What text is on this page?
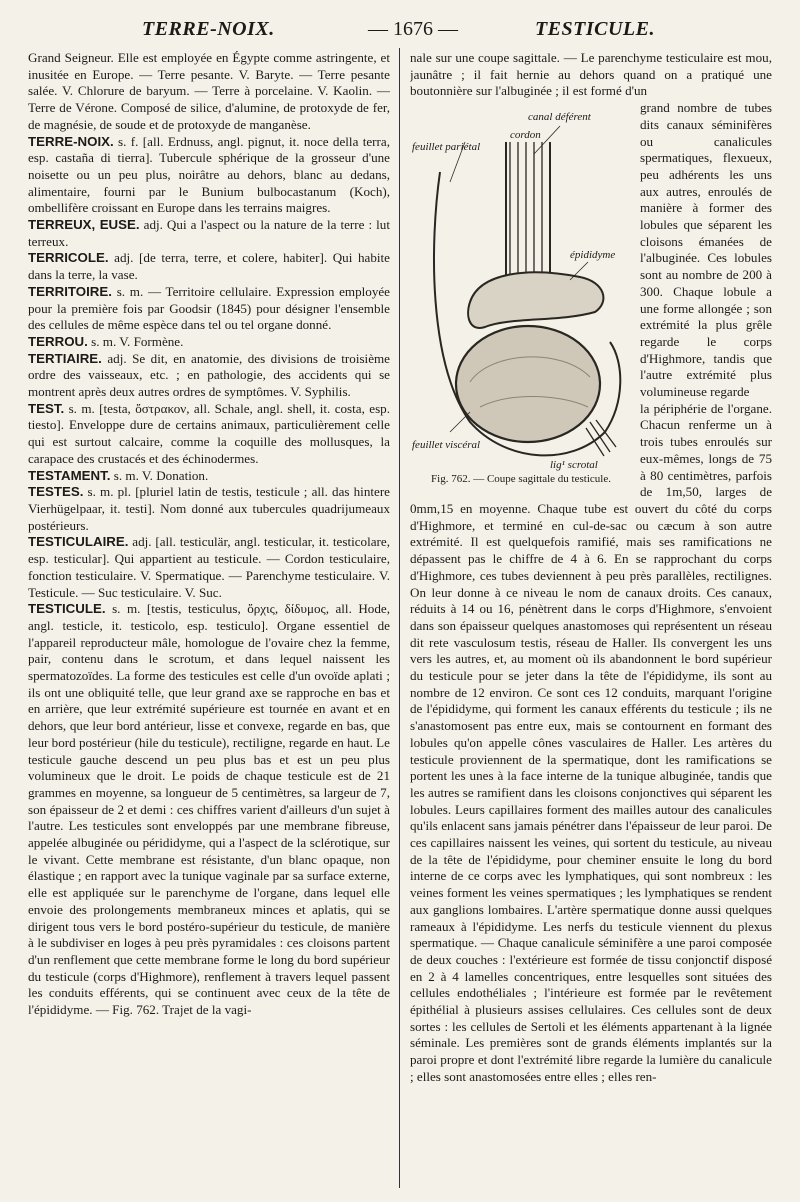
TERRE-NOIX.	— 1676 —	TESTICULE.

Grand Seigneur. Elle est employée en Égypte comme astringente, et inusitée en Europe. — Terre pesante. V. Baryte. — Terre pesante salée. V. Chlorure de baryum. — Terre à porcelaine. V. Kaolin. — Terre de Vérone. Composé de silice, d'alumine, de protoxyde de fer, de magnésie, de soude et de protoxyde de manganèse.

TERRE-NOIX. s. f. [all. Erdnuss, angl. pignut, it. noce della terra, esp. castaña di tierra]. Tubercule sphérique de la grosseur d'une noisette ou un peu plus, noirâtre au dehors, blanc au dedans, alimentaire, fourni par le Bunium bulbocastanum (Koch), ombellifère croissant en Europe dans les terrains maigres.

TERREUX, EUSE. adj. Qui a l'aspect ou la nature de la terre : lut terreux.

TERRICOLE. adj. [de terra, terre, et colere, habiter]. Qui habite dans la terre, la vase.

TERRITOIRE. s. m. — Territoire cellulaire. Expression employée pour la première fois par Goodsir (1845) pour désigner l'ensemble des cellules de même espèce dans tel ou tel organe donné.

TERROU. s. m. V. Formène.

TERTIAIRE. adj. Se dit, en anatomie, des divisions de troisième ordre des vaisseaux, etc. ; en pathologie, des accidents qui se montrent après deux autres ordres de symptômes. V. Syphilis.

TEST. s. m. [testa, ὄστρακον, all. Schale, angl. shell, it. costa, esp. tiesto]. Enveloppe dure de certains animaux, particulièrement celle qui est surtout calcaire, comme la coquille des mollusques, la carapace des crustacés et des échinodermes.

TESTAMENT. s. m. V. Donation.

TESTES. s. m. pl. [pluriel latin de testis, testicule ; all. das hintere Vierhügelpaar, it. testi]. Nom donné aux tubercules quadrijumeaux postérieurs.

TESTICULAIRE. adj. [all. testiculär, angl. testicular, it. testicolare, esp. testicular]. Qui appartient au testicule. — Cordon testiculaire, fonction testiculaire. V. Spermatique. — Parenchyme testiculaire. V. Testicule. — Suc testiculaire. V. Suc.

TESTICULE. s. m. [testis, testiculus, ὄρχις, δίδυμος, all. Hode, angl. testicle, it. testicolo, esp. testiculo]. Organe essentiel de l'appareil reproducteur mâle, homologue de l'ovaire chez la femme, pair, contenu dans le scrotum, et dans lequel naissent les spermatozoïdes. La forme des testicules est celle d'un ovoïde aplati ; ils ont une obliquité telle, que leur grand axe se rapproche en bas et en arrière, que leur extrémité supérieure est tournée en avant et en dehors, que leur bord antérieur, lisse et convexe, regarde en bas, que leur bord postérieur (hile du testicule), rectiligne, regarde en haut. Le testicule gauche descend un peu plus bas et est un peu plus volumineux que le droit. Le poids de chaque testicule est de 21 grammes en moyenne, sa longueur de 5 centimètres, sa largeur de 7, son épaisseur de 2 et demi : ces chiffres varient d'ailleurs d'un sujet à l'autre. Les testicules sont enveloppés par une membrane fibreuse, appelée albuginée ou pérididyme, qui a l'aspect de la sclérotique, sur le vivant. Cette membrane est résistante, d'un blanc opaque, non élastique ; en rapport avec la tunique vaginale par sa surface externe, elle est appliquée sur le parenchyme de l'organe, dans lequel elle envoie des prolongements membraneux minces et aplatis, qui se dirigent tous vers le bord postéro-supérieur du testicule, de manière à le subdiviser en loges à peu près pyramidales : ces cloisons partent d'un renflement que cette membrane forme le long du bord supérieur du testicule (corps d'Highmore), renflement à travers lequel passent les conduits efférents, qui se continuent avec ceux de la tête de l'épididyme. — Fig. 762. Trajet de la vagi-

nale sur une coupe sagittale. — Le parenchyme testiculaire est mou, jaunâtre ; il fait hernie au dehors quand on a pratiqué une boutonnière sur l'albuginée ; il est formé d'un

canal déférent
cordon
feuillet pariétal
épididyme
feuillet viscéral
lig¹ scrotal
Fig. 762. — Coupe sagittale du testicule.

grand nombre de tubes dits canaux séminifères ou canalicules spermatiques, flexueux, peu adhérents les uns aux autres, enroulés de manière à former des lobules que séparent les cloisons émanées de l'albuginée. Ces lobules sont au nombre de 200 à 300. Chaque lobule a une forme allongée ; son extrémité la plus grêle regarde le corps d'Highmore, tandis que l'autre extrémité plus volumineuse regarde

la périphérie de l'organe. Chacun renferme un à trois tubes enroulés sur eux-mêmes, longs de 75 à 80 centimètres, parfois de 1m,50, larges de 0mm,15 en moyenne. Chaque tube est ouvert du côté du corps d'Highmore, et terminé en cul-de-sac ou cæcum à son autre extrémité. Il est quelquefois ramifié, mais ses ramifications ne dépassent pas le chiffre de 4 à 6. En se rapprochant du corps d'Highmore, ces tubes deviennent à peu près parallèles, rectilignes. On leur donne à ce niveau le nom de canaux droits. Ces canaux, réduits à 14 ou 16, pénètrent dans le corps d'Highmore, s'envoient dans son épaisseur quelques anastomoses qui représentent un réseau dit rete vasculosum testis, réseau de Haller. Ils convergent les uns vers les autres, et, au moment où ils abandonnent le bord supérieur du testicule pour se jeter dans la tête de l'épididyme, ils sont au nombre de 12 environ. Ce sont ces 12 conduits, marquant l'origine de l'épididyme, qui forment les canaux efférents du testicule ; ils ne s'anastomosent pas entre eux, mais se contournent en formant des lobules qu'on appelle cônes vasculaires de Haller. Les artères du testicule proviennent de la spermatique, dont les ramifications se portent les unes à la face interne de la tunique albuginée, tandis que les autres se ramifient dans les cloisons conjonctives qui séparent les lobules. Leurs capillaires forment des mailles autour des canalicules qu'ils enlacent sans jamais pénétrer dans l'épaisseur de leur paroi. De ces capillaires naissent les veines, qui sortent du testicule, au niveau de la tête de l'épididyme, pour cheminer ensuite le long du bord interne de ce corps avec les lymphatiques, qui sont nombreux : les veines forment les veines spermatiques ; les lymphatiques se rendent aux ganglions lombaires. L'artère spermatique donne aussi quelques rameaux à l'épididyme. Les nerfs du testicule viennent du plexus spermatique. — Chaque canalicule séminifère a une paroi composée de deux couches : l'extérieure est formée de tissu conjonctif disposé en 2 à 4 lamelles concentriques, entre lesquelles sont situées des cellules endothéliales ; l'intérieure est formée par le revêtement épithélial à plusieurs assises cellulaires. Ces cellules sont de deux sortes : les cellules de Sertoli et les éléments appartenant à la lignée séminale. Les premières sont de grands éléments implantés sur la paroi propre et dont l'extrémité libre regarde la lumière du canalicule ; elles sont anastomosées entre elles ; elles ren-
